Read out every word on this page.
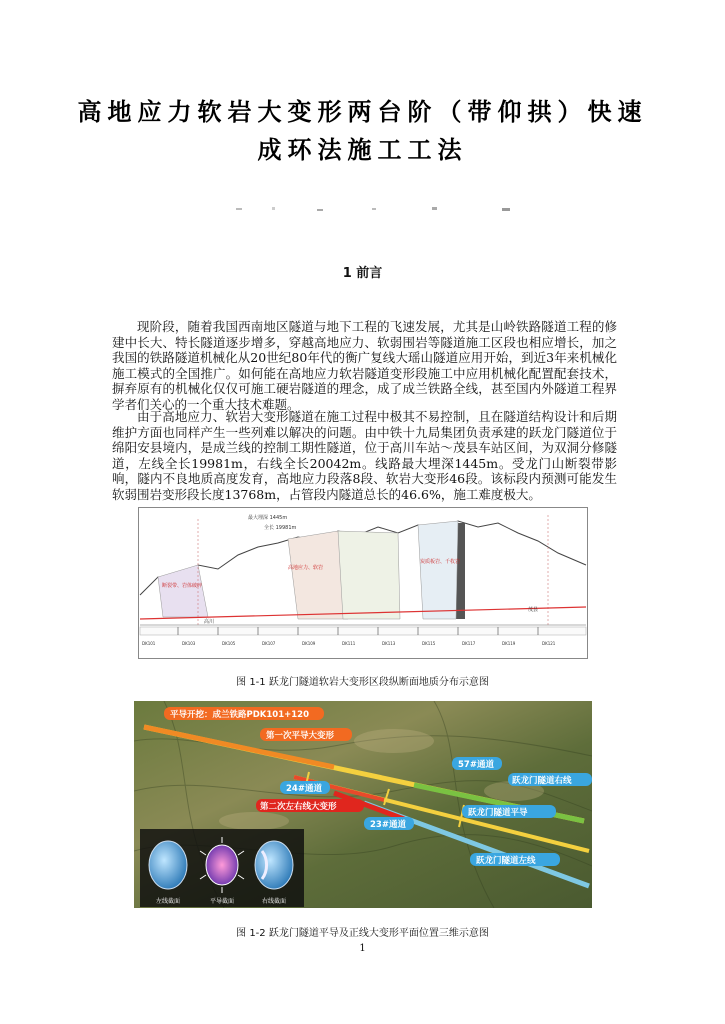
高地应力软岩大变形两台阶（带仰拱）快速
成环法施工工法
1 前言
现阶段，随着我国西南地区隧道与地下工程的飞速发展，尤其是山岭铁路隧道工程的修建中长大、特长隧道逐步增多，穿越高地应力、软弱围岩等隧道施工区段也相应增长，加之我国的铁路隧道机械化从20世纪80年代的衡广复线大瑶山隧道应用开始，到近3年来机械化施工模式的全国推广。如何能在高地应力软岩隧道变形段施工中应用机械化配置配套技术，摒弃原有的机械化仅仅可施工硬岩隧道的理念，成了成兰铁路全线，甚至国内外隧道工程界学者们关心的一个重大技术难题。
由于高地应力、软岩大变形隧道在施工过程中极其不易控制，且在隧道结构设计和后期维护方面也同样产生一些列难以解决的问题。由中铁十九局集团负责承建的跃龙门隧道位于绵阳安县境内，是成兰线的控制工期性隧道，位于高川车站～茂县车站区间，为双洞分修隧道，左线全长19981m，右线全长20042m。线路最大埋深1445m。受龙门山断裂带影响，隧内不良地质高度发育，高地应力段落8段、软岩大变形46段。该标段内预测可能发生软弱围岩变形段长度13768m，占管段内隧道总长的46.6%，施工难度极大。
断裂带、岩体破碎
高地应力、软岩
炭质板岩、千枚岩
最大埋深 1445m
全长 19981m
高川
茂县
DK101	DK103	DK105	DK107	DK109	DK111	DK113	DK115	DK117	DK119	DK121
图 1-1 跃龙门隧道软岩大变形区段纵断面地质分布示意图
平导开挖：成兰铁路PDK101+120
第一次平导大变形
57#通道
跃龙门隧道右线
24#通道
第二次左右线大变形
跃龙门隧道平导
23#通道
跃龙门隧道左线
左线截面	平导截面	右线截面
图 1-2 跃龙门隧道平导及正线大变形平面位置三维示意图
1
